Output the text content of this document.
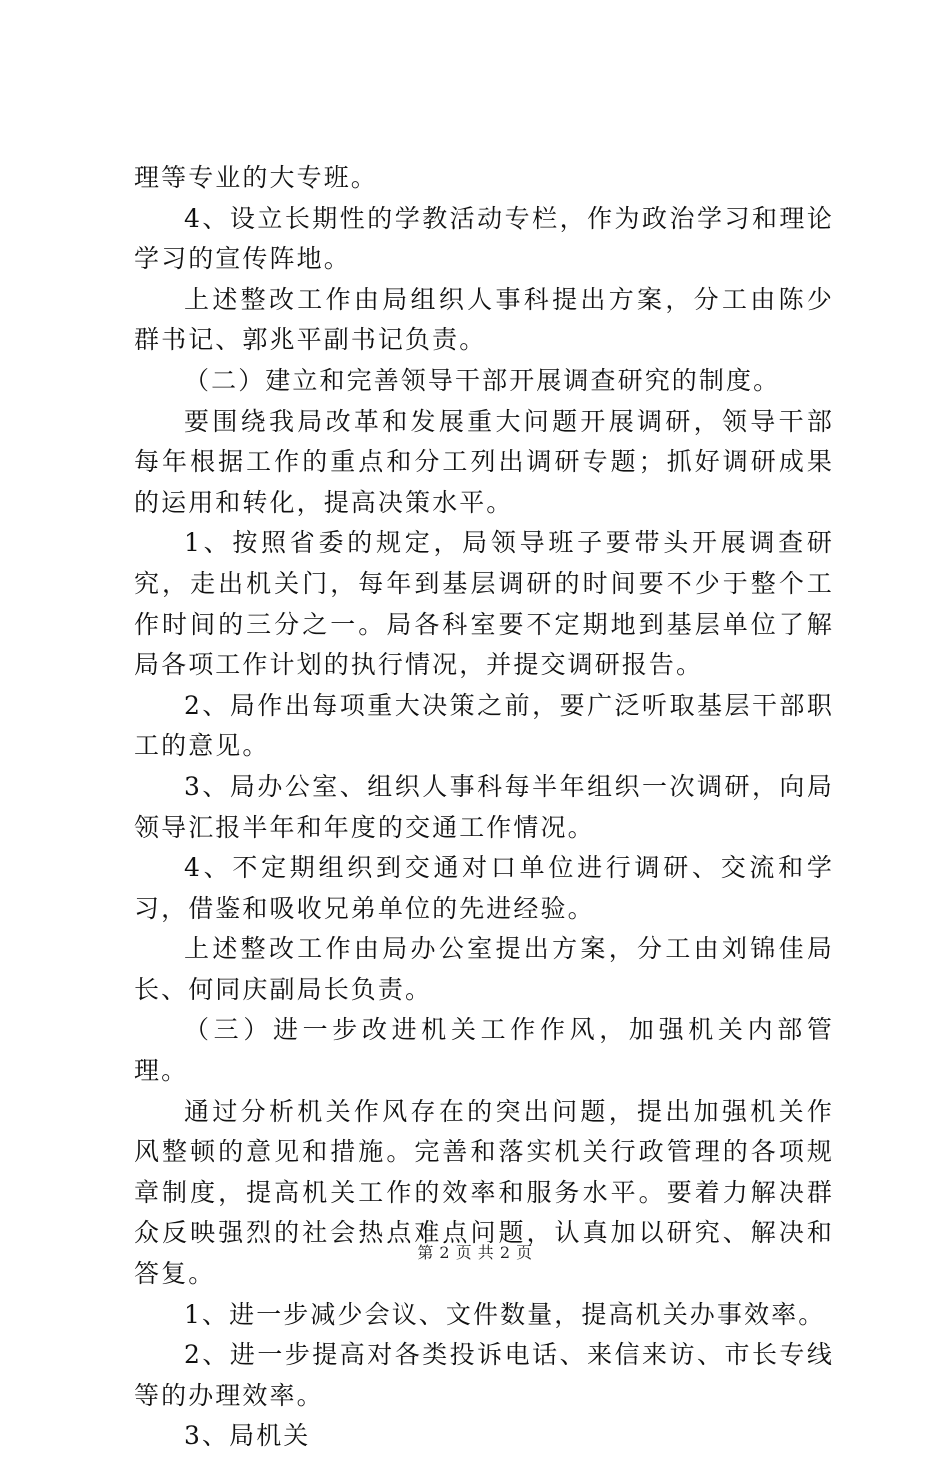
理等专业的大专班。

4、设立长期性的学教活动专栏，作为政治学习和理论学习的宣传阵地。

上述整改工作由局组织人事科提出方案，分工由陈少群书记、郭兆平副书记负责。

（二）建立和完善领导干部开展调查研究的制度。

要围绕我局改革和发展重大问题开展调研，领导干部每年根据工作的重点和分工列出调研专题；抓好调研成果的运用和转化，提高决策水平。

1、按照省委的规定，局领导班子要带头开展调查研究，走出机关门，每年到基层调研的时间要不少于整个工作时间的三分之一。局各科室要不定期地到基层单位了解局各项工作计划的执行情况，并提交调研报告。

2、局作出每项重大决策之前，要广泛听取基层干部职工的意见。

3、局办公室、组织人事科每半年组织一次调研，向局领导汇报半年和年度的交通工作情况。

4、不定期组织到交通对口单位进行调研、交流和学习，借鉴和吸收兄弟单位的先进经验。

上述整改工作由局办公室提出方案，分工由刘锦佳局长、何同庆副局长负责。

（三）进一步改进机关工作作风，加强机关内部管理。

通过分析机关作风存在的突出问题，提出加强机关作风整顿的意见和措施。完善和落实机关行政管理的各项规章制度，提高机关工作的效率和服务水平。要着力解决群众反映强烈的社会热点难点问题，认真加以研究、解决和答复。

1、进一步减少会议、文件数量，提高机关办事效率。

2、进一步提高对各类投诉电话、来信来访、市长专线等的办理效率。

3、局机关

第 2 页 共 2 页
